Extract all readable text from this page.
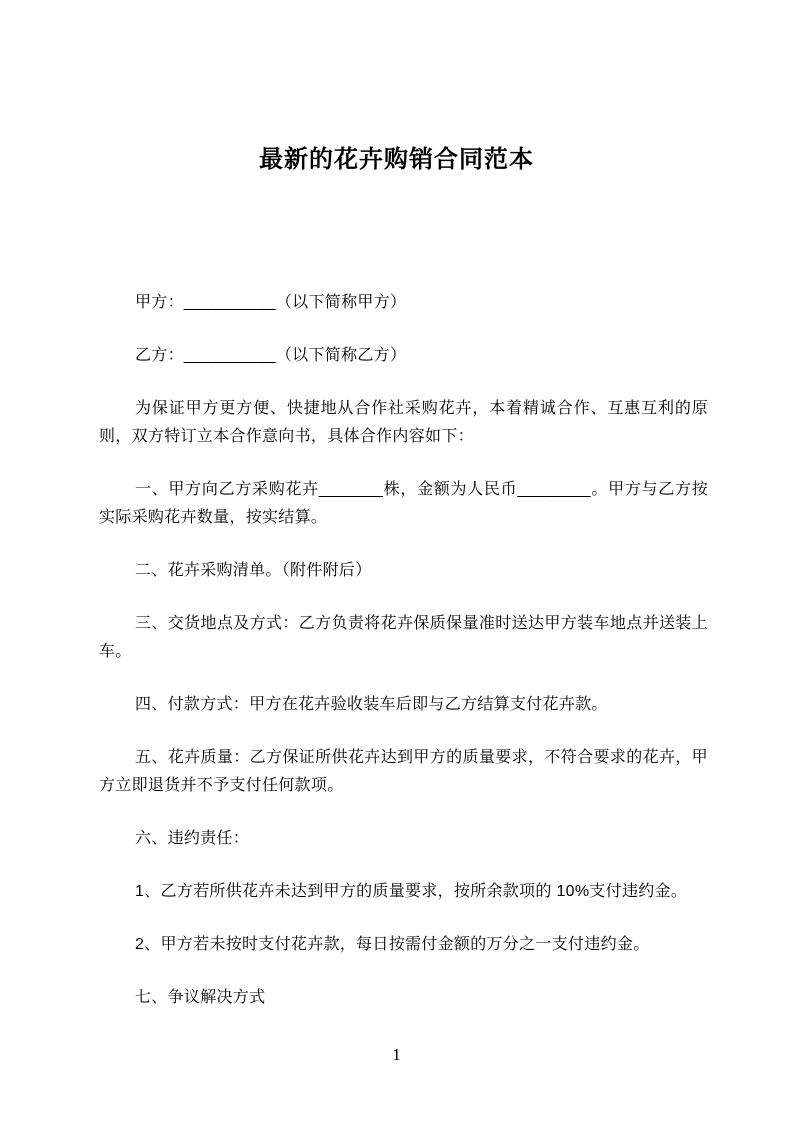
最新的花卉购销合同范本

甲方：__________（以下简称甲方）

乙方：__________（以下简称乙方）

为保证甲方更方便、快捷地从合作社采购花卉，本着精诚合作、互惠互利的原则，双方特订立本合作意向书，具体合作内容如下：

一、甲方向乙方采购花卉_______株，金额为人民币________。甲方与乙方按实际采购花卉数量，按实结算。

二、花卉采购清单。（附件附后）

三、交货地点及方式：乙方负责将花卉保质保量准时送达甲方装车地点并送装上车。

四、付款方式：甲方在花卉验收装车后即与乙方结算支付花卉款。

五、花卉质量：乙方保证所供花卉达到甲方的质量要求，不符合要求的花卉，甲方立即退货并不予支付任何款项。

六、违约责任：

1、乙方若所供花卉未达到甲方的质量要求，按所余款项的 10%支付违约金。

2、甲方若未按时支付花卉款，每日按需付金额的万分之一支付违约金。

七、争议解决方式

1
